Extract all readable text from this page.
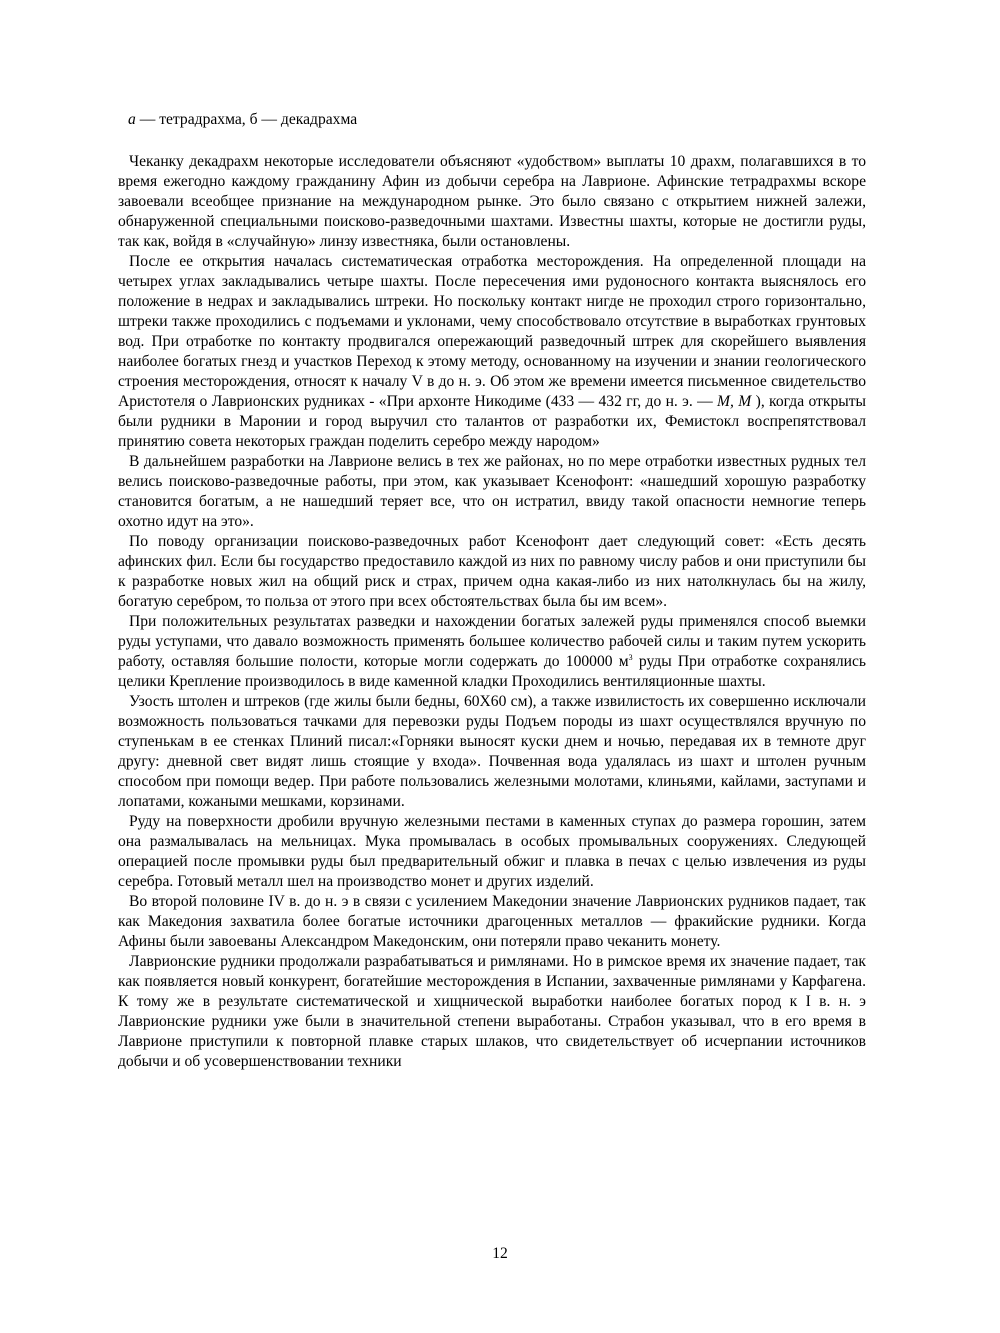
а — тетрадрахма, б — декадрахма

Чеканку декадрахм некоторые исследователи объясняют «удобством» выплаты 10 драхм, полагавшихся в то время ежегодно каждому гражданину Афин из добычи серебра на Лаврионе. Афинские тетрадрахмы вскоре завоевали всеобщее признание на международном рынке. Это было связано с открытием нижней залежи, обнаруженной специальными поисково-разведочными шахтами. Известны шахты, которые не достигли руды, так как, войдя в «случайную» линзу известняка, были остановлены.

После ее открытия началась систематическая отработка месторождения. На определенной площади на четырех углах закладывались четыре шахты. После пересечения ими рудоносного контакта выяснялось его положение в недрах и закладывались штреки. Но поскольку контакт нигде не проходил строго горизонтально, штреки также проходились с подъемами и уклонами, чему способствовало отсутствие в выработках грунтовых вод. При отработке по контакту продвигался опережающий разведочный штрек для скорейшего выявления наиболее богатых гнезд и участков Переход к этому методу, основанному на изучении и знании геологического строения месторождения, относят к началу V в до н. э. Об этом же времени имеется письменное свидетельство Аристотеля о Лаврионских рудниках - «При архонте Никодиме (433 — 432 гг, до н. э. — М, М ), когда открыты были рудники в Маронии и город выручил сто талантов от разработки их, Фемистокл воспрепятствовал принятию совета некоторых граждан поделить серебро между народом»

В дальнейшем разработки на Лаврионе велись в тех же районах, но по мере отработки известных рудных тел велись поисково-разведочные работы, при этом, как указывает Ксенофонт: «нашедший хорошую разработку становится богатым, а не нашедший теряет все, что он истратил, ввиду такой опасности немногие теперь охотно идут на это».

По поводу организации поисково-разведочных работ Ксенофонт дает следующий совет: «Есть десять афинских фил. Если бы государство предоставило каждой из них по равному числу рабов и они приступили бы к разработке новых жил на общий риск и страх, причем одна какая-либо из них натолкнулась бы на жилу, богатую серебром, то польза от этого при всех обстоятельствах была бы им всем».

При положительных результатах разведки и нахождении богатых залежей руды применялся способ выемки руды уступами, что давало возможность применять большее количество рабочей силы и таким путем ускорить работу, оставляя большие полости, которые могли содержать до 100000 $м^3$ руды При отработке сохранялись целики Крепление производилось в виде каменной кладки Проходились вентиляционные шахты.

Узость штолен и штреков (где жилы были бедны, 60Х60 см), а также извилистость их совершенно исключали возможность пользоваться тачками для перевозки руды Подъем породы из шахт осуществлялся вручную по ступенькам в ее стенках Плиний писал:«Горняки выносят куски днем и ночью, передавая их в темноте друг другу: дневной свет видят лишь стоящие у входа». Почвенная вода удалялась из шахт и штолен ручным способом при помощи ведер. При работе пользовались железными молотами, клиньями, кайлами, заступами и лопатами, кожаными мешками, корзинами.

Руду на поверхности дробили вручную железными пестами в каменных ступах до размера горошин, затем она размалывалась на мельницах. Мука промывалась в особых промывальных сооружениях. Следующей операцией после промывки руды был предварительный обжиг и плавка в печах с целью извлечения из руды серебра. Готовый металл шел на производство монет и других изделий.

Во второй половине IV в. до н. э в связи с усилением Македонии значение Лаврионских рудников падает, так как Македония захватила более богатые источники драгоценных металлов — фракийские рудники. Когда Афины были завоеваны Александром Македонским, они потеряли право чеканить монету.

Лаврионские рудники продолжали разрабатываться и римлянами. Но в римское время их значение падает, так как появляется новый конкурент, богатейшие месторождения в Испании, захваченные римлянами у Карфагена. К тому же в результате систематической и хищнической выработки наиболее богатых пород к I в. н. э Лаврионские рудники уже были в значительной степени выработаны. Страбон указывал, что в его время в Лаврионе приступили к повторной плавке старых шлаков, что свидетельствует об исчерпании источников добычи и об усовершенствовании техники

12
